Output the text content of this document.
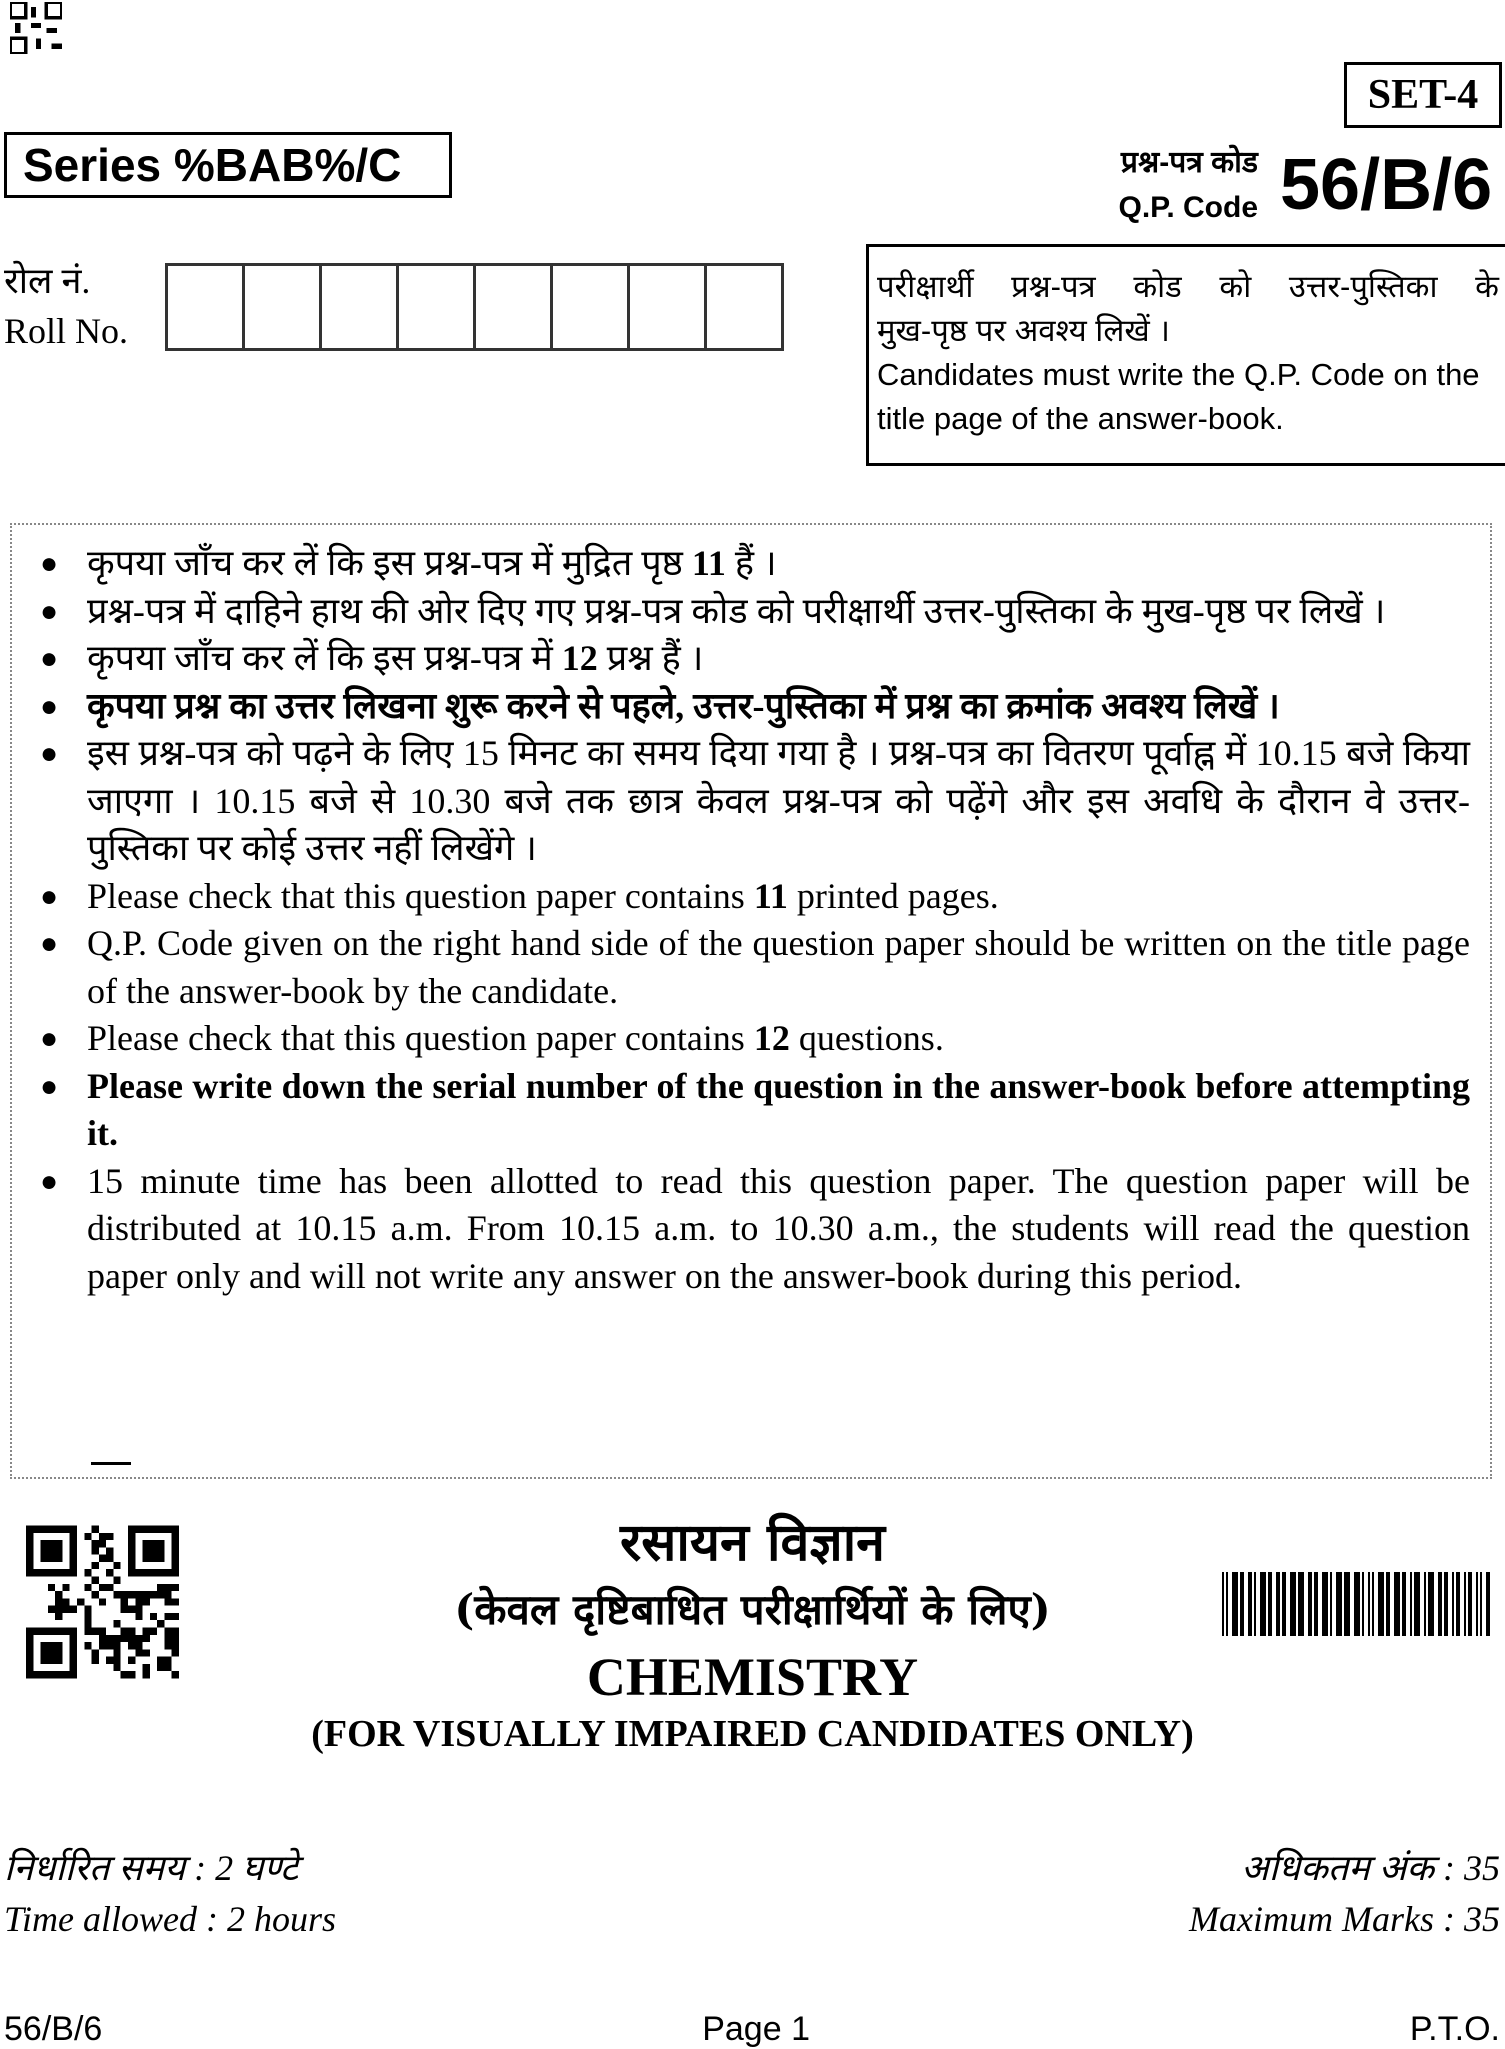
SET-4
Series %BAB%/C	प्रश्न-पत्र कोड
Q.P. Code 56/B/6
रोल नं.
Roll No.
परीक्षार्थी प्रश्न-पत्र कोड को उत्तर-पुस्तिका के
मुख-पृष्ठ पर अवश्य लिखें ।
Candidates must write the Q.P. Code on the title page of the answer-book.
● कृपया जाँच कर लें कि इस प्रश्न-पत्र में मुद्रित पृष्ठ 11 हैं ।
● प्रश्न-पत्र में दाहिने हाथ की ओर दिए गए प्रश्न-पत्र कोड को परीक्षार्थी उत्तर-पुस्तिका के मुख-पृष्ठ पर लिखें ।
● कृपया जाँच कर लें कि इस प्रश्न-पत्र में 12 प्रश्न हैं ।
● कृपया प्रश्न का उत्तर लिखना शुरू करने से पहले, उत्तर-पुस्तिका में प्रश्न का क्रमांक अवश्य लिखें ।
● इस प्रश्न-पत्र को पढ़ने के लिए 15 मिनट का समय दिया गया है । प्रश्न-पत्र का वितरण पूर्वाह्न में 10.15 बजे किया जाएगा । 10.15 बजे से 10.30 बजे तक छात्र केवल प्रश्न-पत्र को पढ़ेंगे और इस अवधि के दौरान वे उत्तर-पुस्तिका पर कोई उत्तर नहीं लिखेंगे ।
● Please check that this question paper contains 11 printed pages.
● Q.P. Code given on the right hand side of the question paper should be written on the title page of the answer-book by the candidate.
● Please check that this question paper contains 12 questions.
● Please write down the serial number of the question in the answer-book before attempting it.
● 15 minute time has been allotted to read this question paper. The question paper will be distributed at 10.15 a.m. From 10.15 a.m. to 10.30 a.m., the students will read the question paper only and will not write any answer on the answer-book during this period.
रसायन विज्ञान
(केवल दृष्टिबाधित परीक्षार्थियों के लिए)
CHEMISTRY
(FOR VISUALLY IMPAIRED CANDIDATES ONLY)
निर्धारित समय : 2 घण्टे	अधिकतम अंक : 35
Time allowed : 2 hours	Maximum Marks : 35
56/B/6	Page 1	P.T.O.
